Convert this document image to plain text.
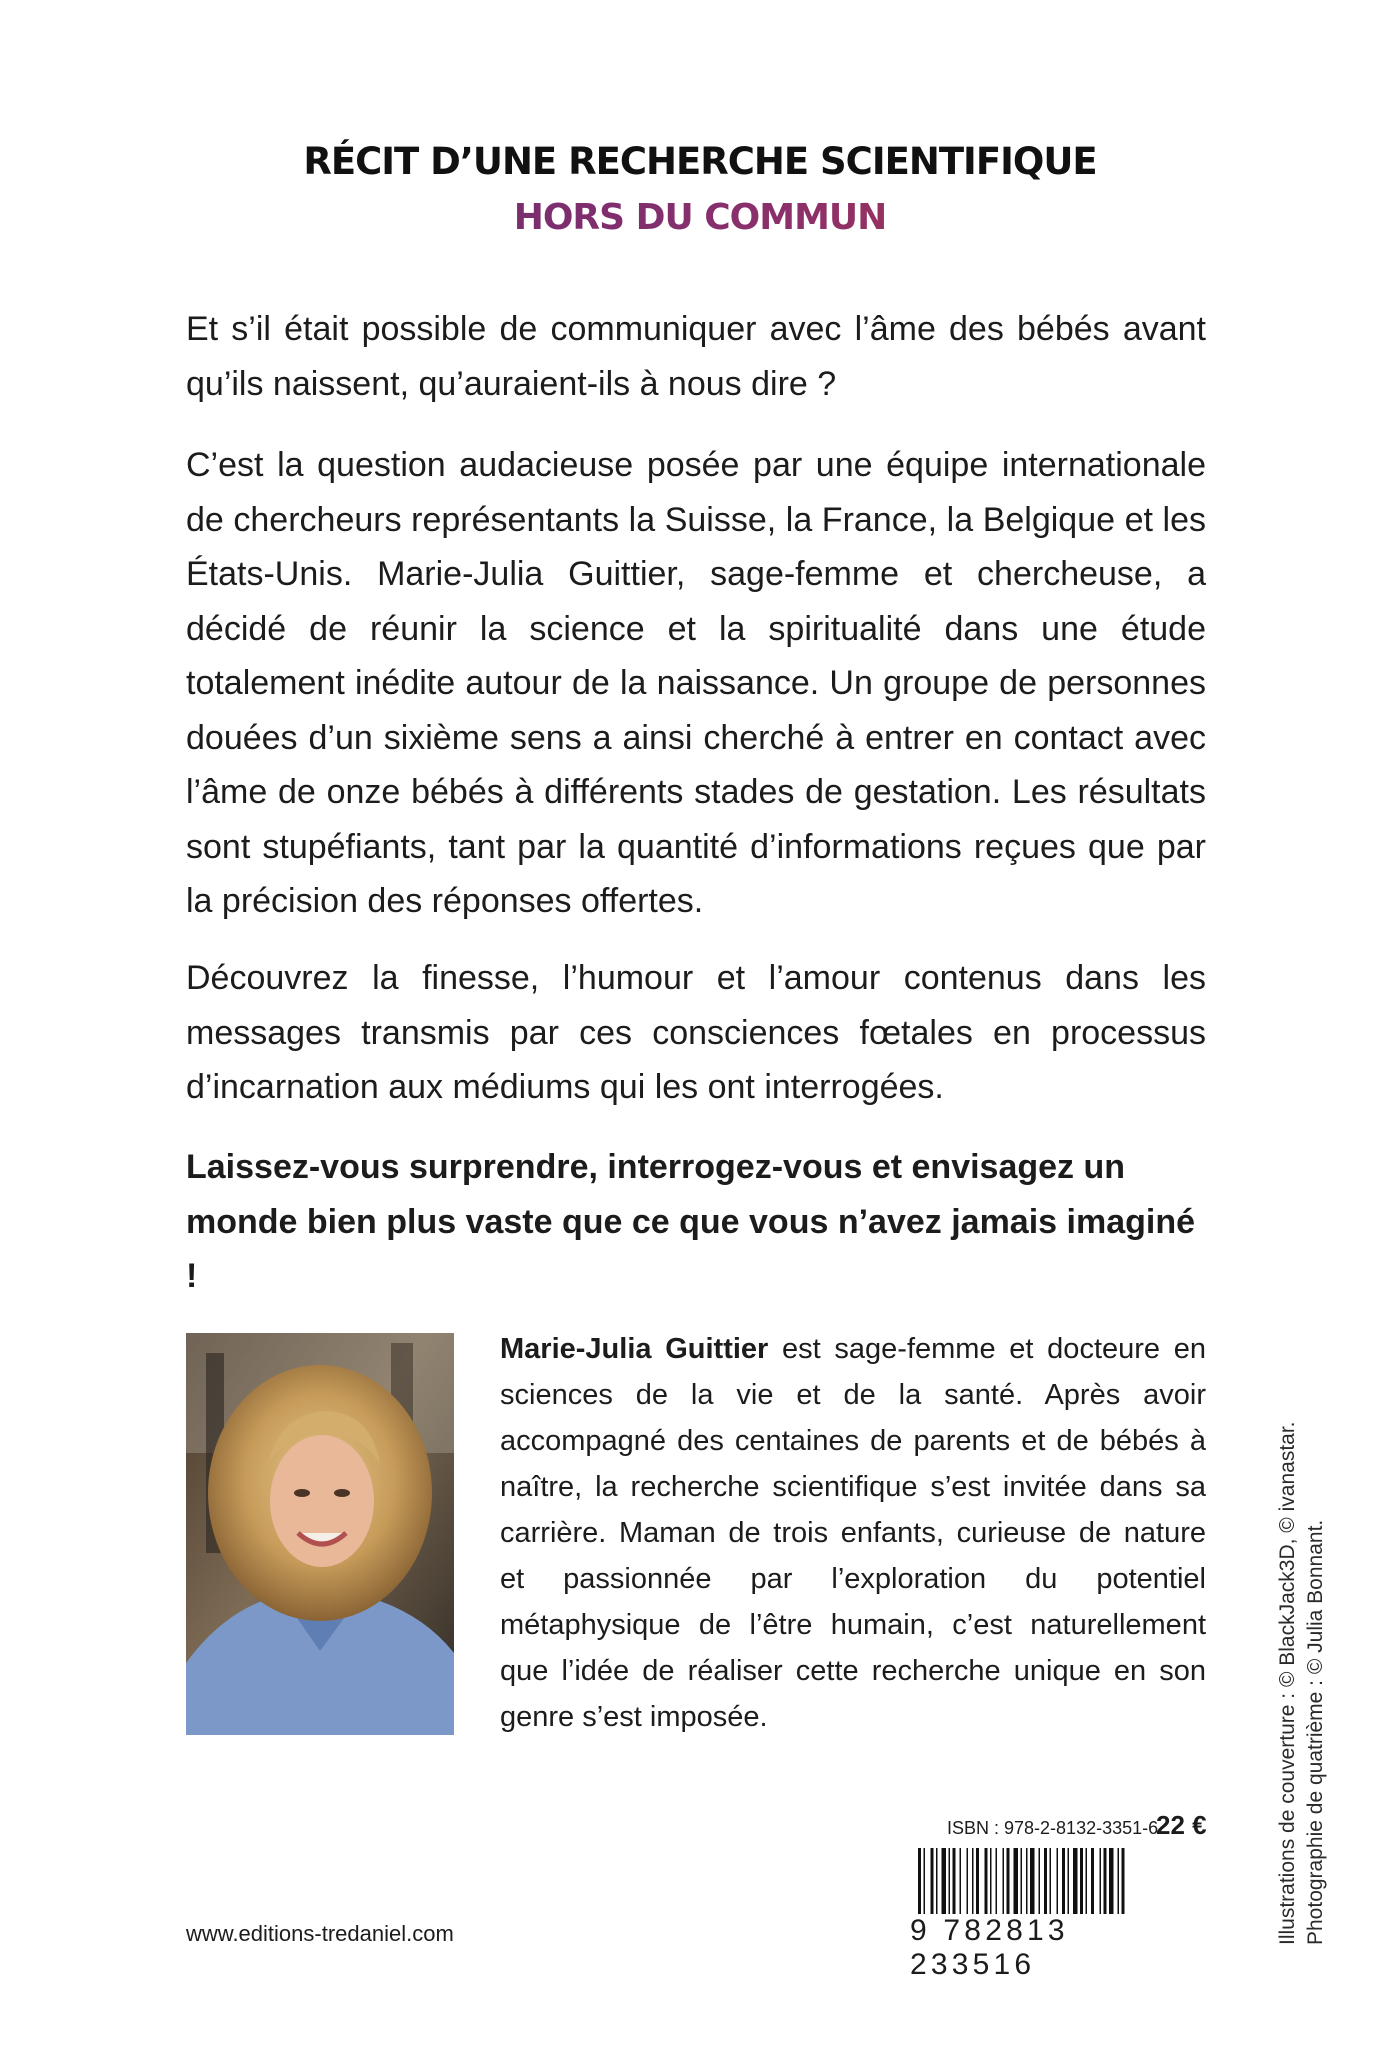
RÉCIT D’UNE RECHERCHE SCIENTIFIQUE
HORS DU COMMUN

Et s’il était possible de communiquer avec l’âme des bébés avant qu’ils naissent, qu’auraient-ils à nous dire ?

C’est la question audacieuse posée par une équipe internationale de chercheurs représentants la Suisse, la France, la Belgique et les États-Unis. Marie-Julia Guittier, sage-femme et chercheuse, a décidé de réunir la science et la spiritualité dans une étude totalement inédite autour de la naissance. Un groupe de personnes douées d’un sixième sens a ainsi cherché à entrer en contact avec l’âme de onze bébés à différents stades de gestation. Les résultats sont stupéfiants, tant par la quantité d’informations reçues que par la précision des réponses offertes.

Découvrez la finesse, l’humour et l’amour contenus dans les messages transmis par ces consciences fœtales en processus d’incarnation aux médiums qui les ont interrogées.

Laissez-vous surprendre, interrogez-vous et envisagez un monde bien plus vaste que ce que vous n’avez jamais imaginé !

Marie-Julia Guittier est sage-femme et docteure en sciences de la vie et de la santé. Après avoir accompagné des centaines de parents et de bébés à naître, la recherche scientifique s’est invitée dans sa carrière. Maman de trois enfants, curieuse de nature et passionnée par l’exploration du potentiel métaphysique de l’être humain, c’est naturellement que l’idée de réaliser cette recherche unique en son genre s’est imposée.

ISBN : 978-2-8132-3351-6
22 €
9 782813 233516
www.editions-tredaniel.com	Illustrations de couverture : © BlackJack3D, © ivanastar. Photographie de quatrième : © Julia Bonnant.
